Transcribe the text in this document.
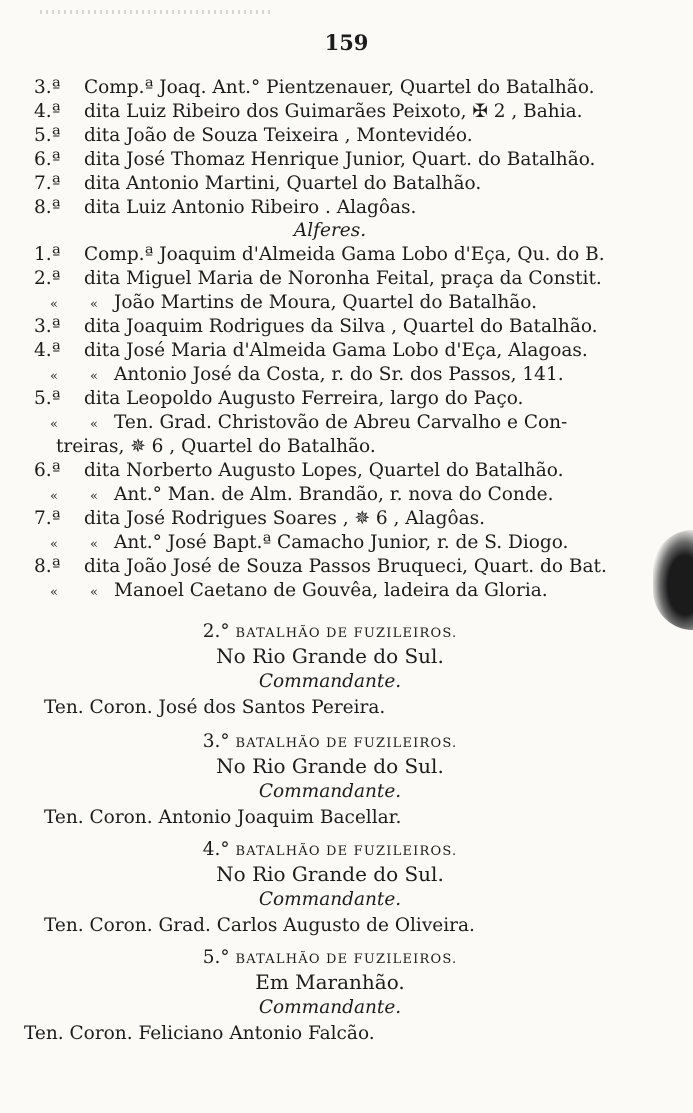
159
3.ª Comp.ª Joaq. Ant.° Pientzenauer, Quartel do Batalhão.
4.ª dita Luiz Ribeiro dos Guimarães Peixoto, ✠ 2 , Bahia.
5.ª dita João de Souza Teixeira , Montevidéo.
6.ª dita José Thomaz Henrique Junior, Quart. do Batalhão.
7.ª dita Antonio Martini, Quartel do Batalhão.
8.ª dita Luiz Antonio Ribeiro . Alagôas.
Alferes.
1.ª Comp.ª Joaquim d'Almeida Gama Lobo d'Eça, Qu. do B.
2.ª dita Miguel Maria de Noronha Feital, praça da Constit.
« « João Martins de Moura, Quartel do Batalhão.
3.ª dita Joaquim Rodrigues da Silva , Quartel do Batalhão.
4.ª dita José Maria d'Almeida Gama Lobo d'Eça, Alagoas.
« « Antonio José da Costa, r. do Sr. dos Passos, 141.
5.ª dita Leopoldo Augusto Ferreira, largo do Paço.
« « Ten. Grad. Christovão de Abreu Carvalho e Con-
treiras, ✵ 6 , Quartel do Batalhão.
6.ª dita Norberto Augusto Lopes, Quartel do Batalhão.
« « Ant.° Man. de Alm. Brandão, r. nova do Conde.
7.ª dita José Rodrigues Soares , ✵ 6 , Alagôas.
« « Ant.° José Bapt.ª Camacho Junior, r. de S. Diogo.
8.ª dita João José de Souza Passos Bruqueci, Quart. do Bat.
« « Manoel Caetano de Gouvêa, ladeira da Gloria.
2.° BATALHÃO DE FUZILEIROS.
No Rio Grande do Sul.
Commandante.
Ten. Coron. José dos Santos Pereira.
3.° BATALHÃO DE FUZILEIROS.
No Rio Grande do Sul.
Commandante.
Ten. Coron. Antonio Joaquim Bacellar.
4.° BATALHÃO DE FUZILEIROS.
No Rio Grande do Sul.
Commandante.
Ten. Coron. Grad. Carlos Augusto de Oliveira.
5.° BATALHÃO DE FUZILEIROS.
Em Maranhão.
Commandante.
Ten. Coron. Feliciano Antonio Falcão.
